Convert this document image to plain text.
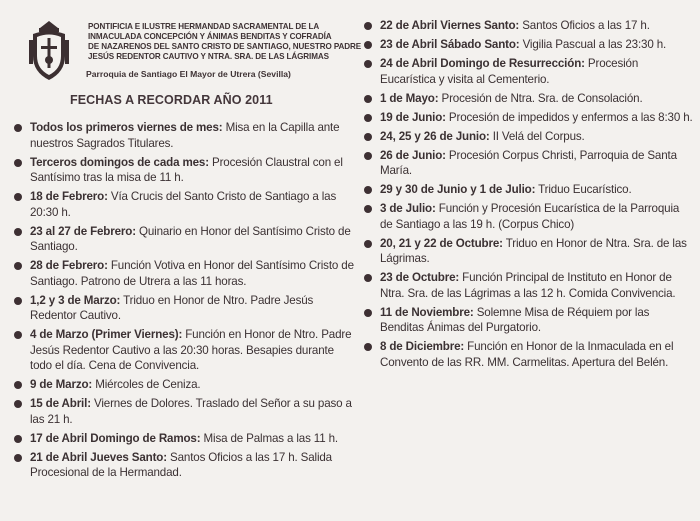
PONTIFICIA E ILUSTRE HERMANDAD SACRAMENTAL DE LA
INMACULADA CONCEPCIÓN Y ÁNIMAS BENDITAS Y COFRADÍA
DE NAZARENOS DEL SANTO CRISTO DE SANTIAGO, NUESTRO PADRE
JESÚS REDENTOR CAUTIVO Y NTRA. SRA. DE LAS LÁGRIMAS
Parroquia de Santiago El Mayor de Utrera (Sevilla)
FECHAS A RECORDAR AÑO 2011
Todos los primeros viernes de mes: Misa en la Capilla ante nuestros Sagrados Titulares.
Terceros domingos de cada mes: Procesión Claustral con el Santísimo tras la misa de 11 h.
18 de Febrero: Vía Crucis del Santo Cristo de Santiago a las 20:30 h.
23 al 27 de Febrero: Quinario en Honor del Santísimo Cristo de Santiago.
28 de Febrero: Función Votiva en Honor del Santísimo Cristo de Santiago. Patrono de Utrera a las 11 horas.
1,2 y 3 de Marzo: Triduo en Honor de Ntro. Padre Jesús Redentor Cautivo.
4 de Marzo (Primer Viernes): Función en Honor de Ntro. Padre Jesús Redentor Cautivo a las 20:30 horas. Besapies durante todo el día. Cena de Convivencia.
9 de Marzo: Miércoles de Ceniza.
15 de Abril: Viernes de Dolores. Traslado del Señor a su paso a las 21 h.
17 de Abril Domingo de Ramos: Misa de Palmas a las 11 h.
21 de Abril Jueves Santo: Santos Oficios a las 17 h. Salida Procesional de la Hermandad.
22 de Abril Viernes Santo: Santos Oficios a las 17 h.
23 de Abril Sábado Santo: Vigilia Pascual a las 23:30 h.
24 de Abril Domingo de Resurrección: Procesión Eucarística y visita al Cementerio.
1 de Mayo: Procesión de Ntra. Sra. de Consolación.
19 de Junio: Procesión de impedidos y enfermos a las 8:30 h.
24, 25 y 26 de Junio: II Velá del Corpus.
26 de Junio: Procesión Corpus Christi, Parroquia de Santa María.
29 y 30 de Junio y 1 de Julio: Triduo Eucarístico.
3 de Julio: Función y Procesión Eucarística de la Parroquia de Santiago a las 19 h. (Corpus Chico)
20, 21 y 22 de Octubre: Triduo en Honor de Ntra. Sra. de las Lágrimas.
23 de Octubre: Función Principal de Instituto en Honor de Ntra. Sra. de las Lágrimas a las 12 h. Comida Convivencia.
11 de Noviembre: Solemne Misa de Réquiem por las Benditas Ánimas del Purgatorio.
8 de Diciembre: Función en Honor de la Inmaculada en el Convento de las RR. MM. Carmelitas. Apertura del Belén.
